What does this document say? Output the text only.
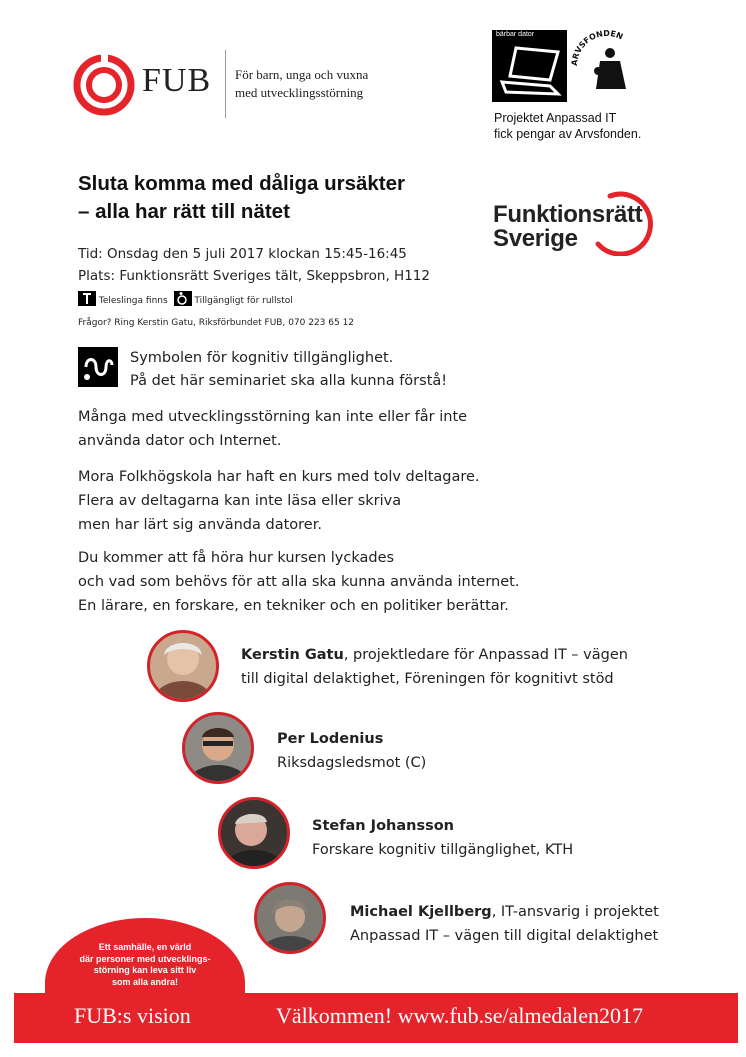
FUB För barn, unga och vuxna
med utvecklingsstörning
bärbar dator
ARVSFONDEN
Projektet Anpassad IT
fick pengar av Arvsfonden.
Sluta komma med dåliga ursäkter
– alla har rätt till nätet	Funktionsrätt
Sverige
Tid: Onsdag den 5 juli 2017 klockan 15:45-16:45
Plats: Funktionsrätt Sveriges tält, Skeppsbron, H112
Teleslinga finns	Tillgängligt för rullstol
Frågor? Ring Kerstin Gatu, Riksförbundet FUB, 070 223 65 12
Symbolen för kognitiv tillgänglighet.
På det här seminariet ska alla kunna förstå!
Många med utvecklingsstörning kan inte eller får inte
använda dator och Internet.
Mora Folkhögskola har haft en kurs med tolv deltagare.
Flera av deltagarna kan inte läsa eller skriva
men har lärt sig använda datorer.
Du kommer att få höra hur kursen lyckades
och vad som behövs för att alla ska kunna använda internet.
En lärare, en forskare, en tekniker och en politiker berättar.
Kerstin Gatu, projektledare för Anpassad IT – vägen
till digital delaktighet, Föreningen för kognitivt stöd
Per Lodenius
Riksdagsledsmot (C)
Stefan Johansson
Forskare kognitiv tillgänglighet, KTH
Michael Kjellberg, IT-ansvarig i projektet
Anpassad IT – vägen till digital delaktighet
Ett samhälle, en värld
där personer med utvecklings-
störning kan leva sitt liv
som alla andra!
FUB:s vision	Välkommen! www.fub.se/almedalen2017
